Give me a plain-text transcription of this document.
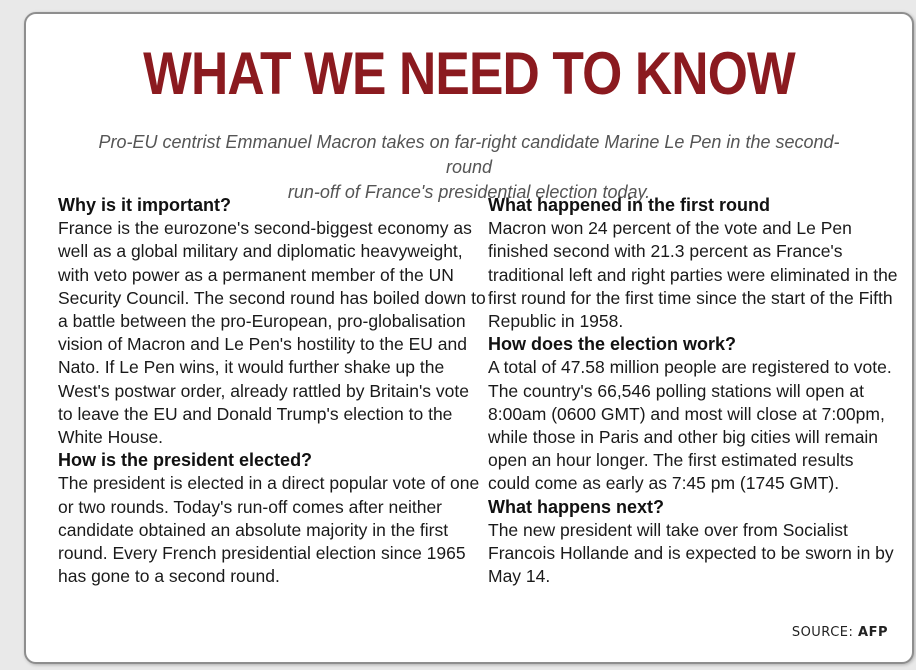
WHAT WE NEED TO KNOW
Pro-EU centrist Emmanuel Macron takes on far-right candidate Marine Le Pen in the second-round
run-off of France's presidential election today.
Why is it important?

France is the eurozone's second-biggest economy as well as a global military and diplomatic heavyweight, with veto power as a permanent member of the UN Security Council. The second round has boiled down to a battle between the pro-European, pro-globalisation vision of Macron and Le Pen's hostility to the EU and Nato. If Le Pen wins, it would further shake up the West's postwar order, already rattled by Britain's vote to leave the EU and Donald Trump's election to the White House.

How is the president elected?

The president is elected in a direct popular vote of one or two rounds. Today's run-off comes after neither candidate obtained an absolute majority in the first round. Every French presidential election since 1965 has gone to a second round.

What happened in the first round

Macron won 24 percent of the vote and Le Pen finished second with 21.3 percent as France's traditional left and right parties were eliminated in the first round for the first time since the start of the Fifth Republic in 1958.

How does the election work?

A total of 47.58 million people are registered to vote. The country's 66,546 polling stations will open at 8:00am (0600 GMT) and most will close at 7:00pm, while those in Paris and other big cities will remain open an hour longer. The first estimated results could come as early as 7:45 pm (1745 GMT).

What happens next?

The new president will take over from Socialist Francois Hollande and is expected to be sworn in by May 14.

SOURCE: AFP
